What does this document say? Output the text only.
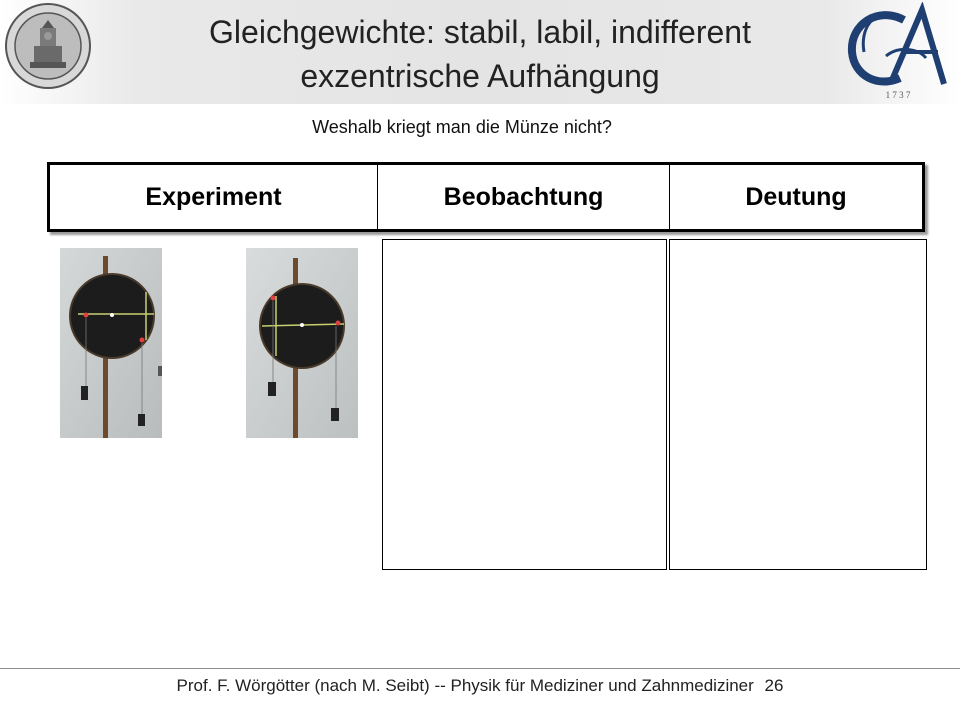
Gleichgewichte: stabil, labil, indifferent
exzentrische Aufhängung
1 7 3 7
Weshalb kriegt man die Münze nicht?
Experiment	Beobachtung	Deutung
Prof. F. Wörgötter (nach M. Seibt) -- Physik für Mediziner und Zahnmediziner 26
